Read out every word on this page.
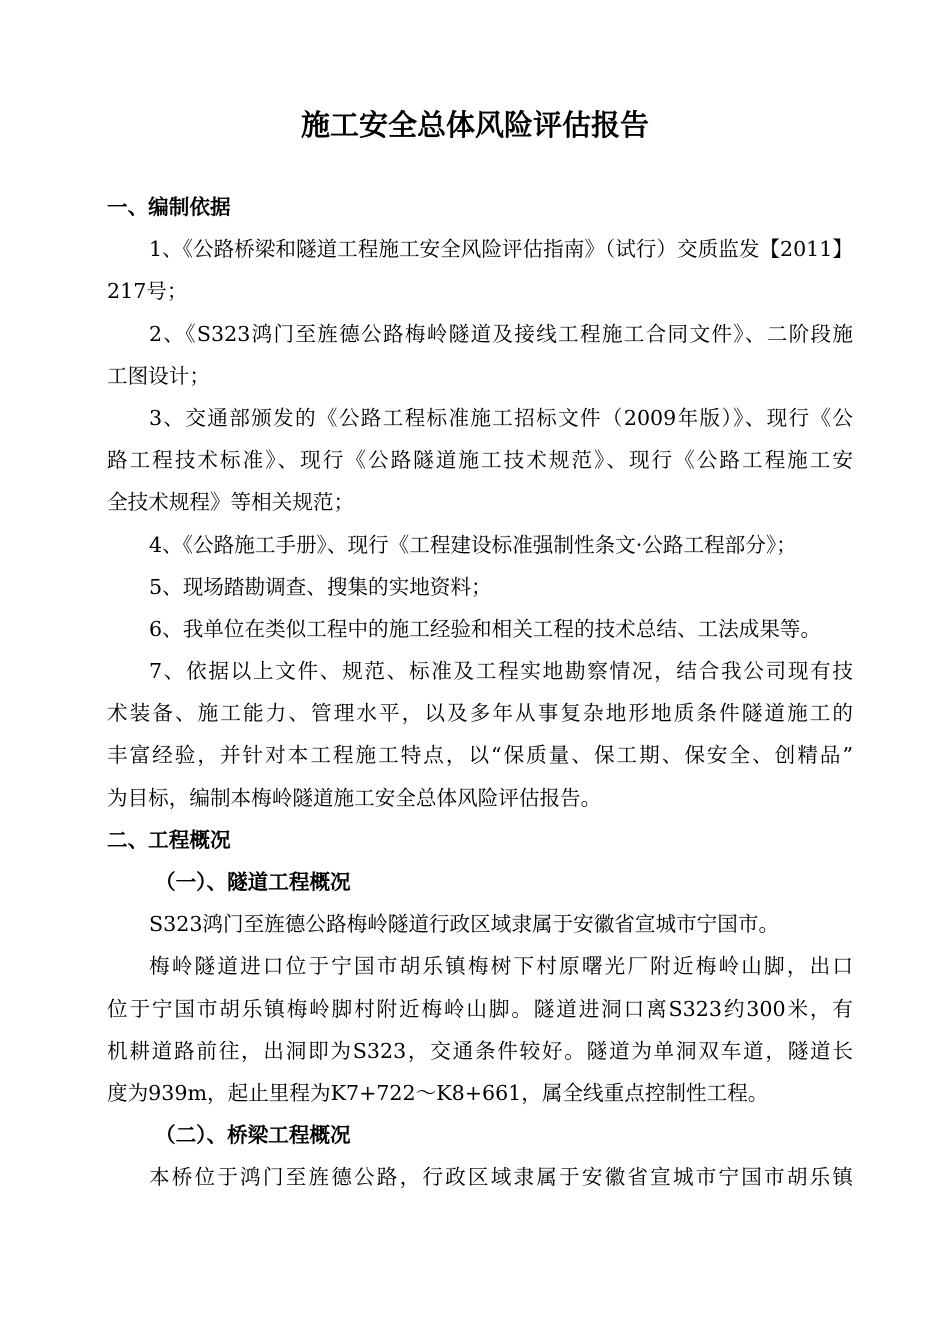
施工安全总体风险评估报告
一、编制依据
1、《公路桥梁和隧道工程施工安全风险评估指南》（试行）交质监发【2011】
217号；
2、《S323鸿门至旌德公路梅岭隧道及接线工程施工合同文件》、二阶段施
工图设计；
3、交通部颁发的《公路工程标准施工招标文件（2009年版）》、现行《公
路工程技术标准》、现行《公路隧道施工技术规范》、现行《公路工程施工安
全技术规程》等相关规范；
4、《公路施工手册》、现行《工程建设标准强制性条文·公路工程部分》；
5、现场踏勘调查、搜集的实地资料；
6、我单位在类似工程中的施工经验和相关工程的技术总结、工法成果等。
7、依据以上文件、规范、标准及工程实地勘察情况，结合我公司现有技
术装备、施工能力、管理水平，以及多年从事复杂地形地质条件隧道施工的
丰富经验，并针对本工程施工特点，以“保质量、保工期、保安全、创精品”
为目标，编制本梅岭隧道施工安全总体风险评估报告。
二、工程概况
（一）、隧道工程概况
S323鸿门至旌德公路梅岭隧道行政区域隶属于安徽省宣城市宁国市。
梅岭隧道进口位于宁国市胡乐镇梅树下村原曙光厂附近梅岭山脚，出口
位于宁国市胡乐镇梅岭脚村附近梅岭山脚。隧道进洞口离S323约300米，有
机耕道路前往，出洞即为S323，交通条件较好。隧道为单洞双车道，隧道长
度为939m，起止里程为K7+722～K8+661，属全线重点控制性工程。
（二）、桥梁工程概况
本桥位于鸿门至旌德公路，行政区域隶属于安徽省宣城市宁国市胡乐镇
